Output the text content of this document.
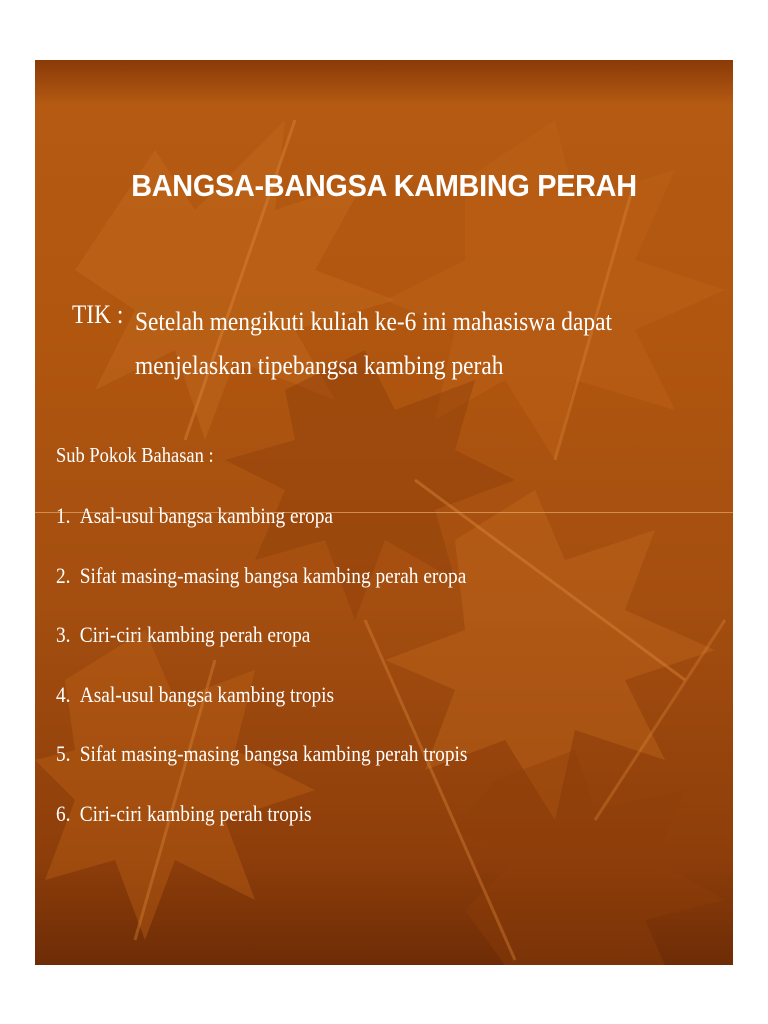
BANGSA-BANGSA KAMBING PERAH
TIK : Setelah mengikuti kuliah ke-6 ini mahasiswa dapat menjelaskan tipebangsa kambing perah
Sub Pokok Bahasan :
1. Asal-usul bangsa kambing eropa
2. Sifat masing-masing bangsa kambing perah eropa
3. Ciri-ciri kambing perah eropa
4. Asal-usul bangsa kambing tropis
5. Sifat masing-masing bangsa kambing perah tropis
6. Ciri-ciri kambing perah tropis
